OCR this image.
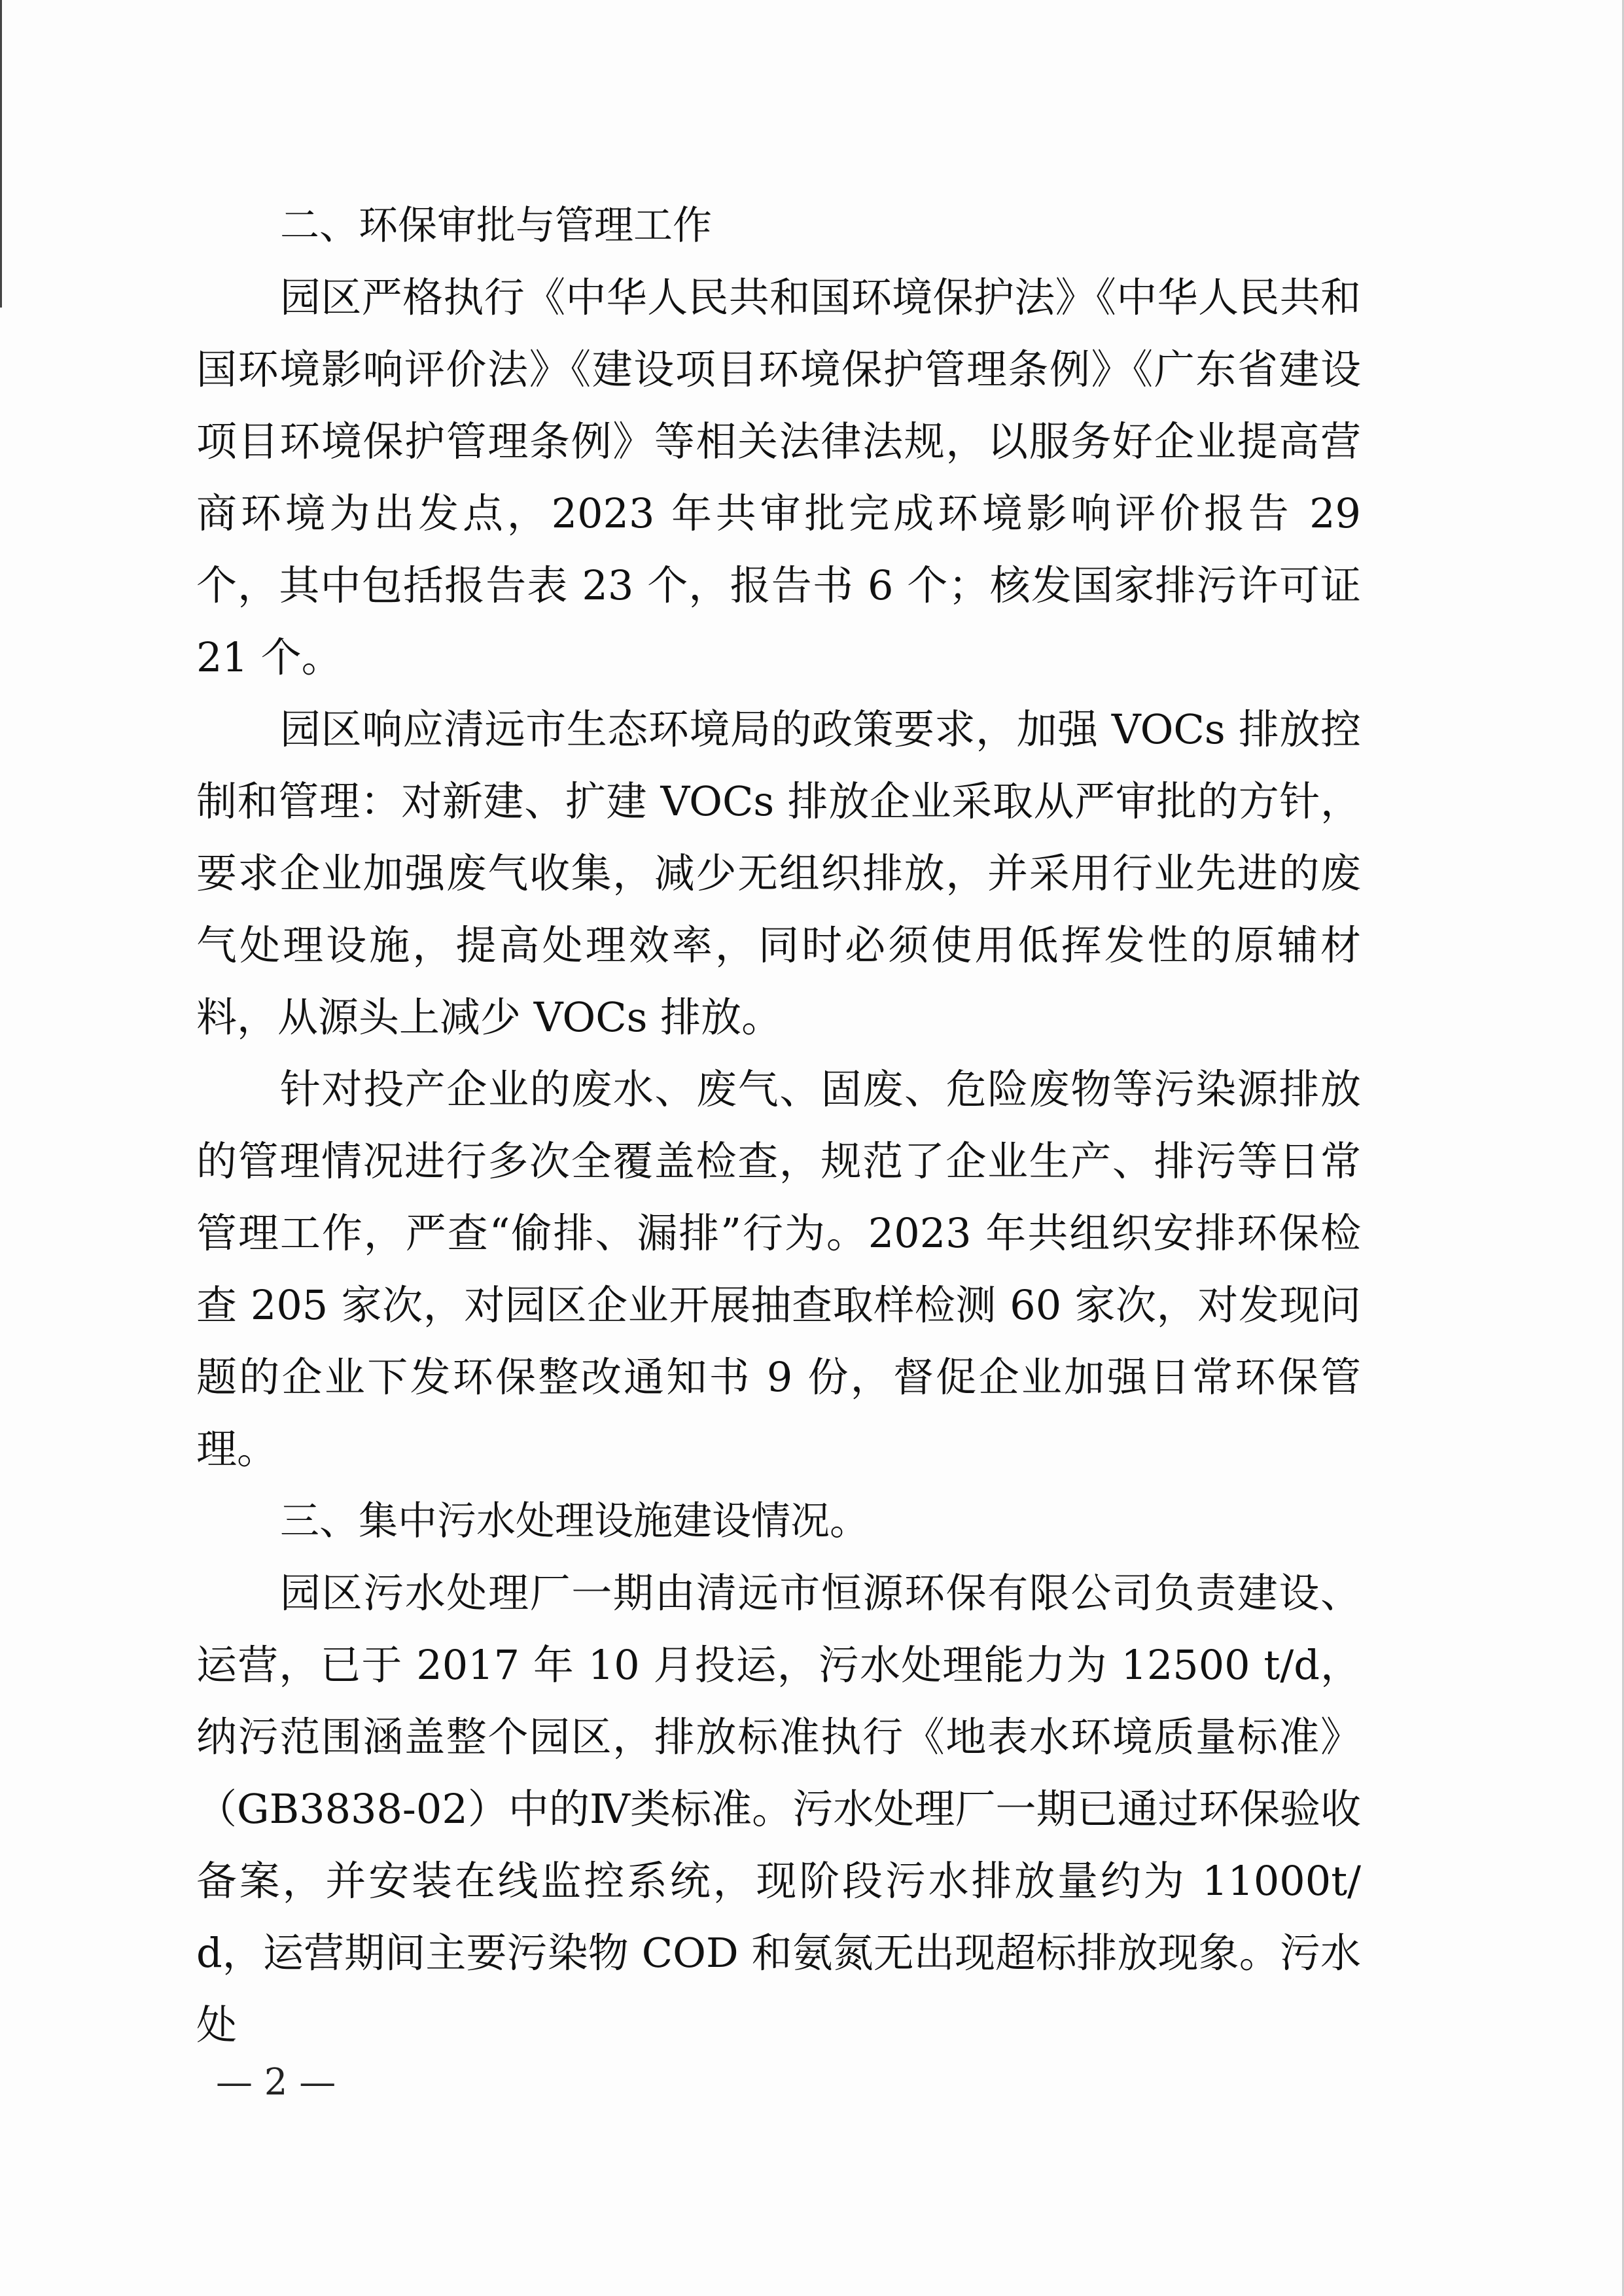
二、环保审批与管理工作

园区严格执行《中华人民共和国环境保护法》《中华人民共和国环境影响评价法》《建设项目环境保护管理条例》《广东省建设项目环境保护管理条例》等相关法律法规，以服务好企业提高营商环境为出发点，2023 年共审批完成环境影响评价报告 29 个，其中包括报告表 23 个，报告书 6 个；核发国家排污许可证 21 个。

园区响应清远市生态环境局的政策要求，加强 VOCs 排放控制和管理：对新建、扩建 VOCs 排放企业采取从严审批的方针，要求企业加强废气收集，减少无组织排放，并采用行业先进的废气处理设施，提高处理效率，同时必须使用低挥发性的原辅材料，从源头上减少 VOCs 排放。

针对投产企业的废水、废气、固废、危险废物等污染源排放的管理情况进行多次全覆盖检查，规范了企业生产、排污等日常管理工作，严查“偷排、漏排”行为。2023 年共组织安排环保检查 205 家次，对园区企业开展抽查取样检测 60 家次，对发现问题的企业下发环保整改通知书 9 份，督促企业加强日常环保管理。

三、集中污水处理设施建设情况。

园区污水处理厂一期由清远市恒源环保有限公司负责建设、运营，已于 2017 年 10 月投运，污水处理能力为 12500 t/d，纳污范围涵盖整个园区，排放标准执行《地表水环境质量标准》（GB3838-02）中的Ⅳ类标准。污水处理厂一期已通过环保验收备案，并安装在线监控系统，现阶段污水排放量约为 11000t/d，运营期间主要污染物 COD 和氨氮无出现超标排放现象。污水处

— 2 —
